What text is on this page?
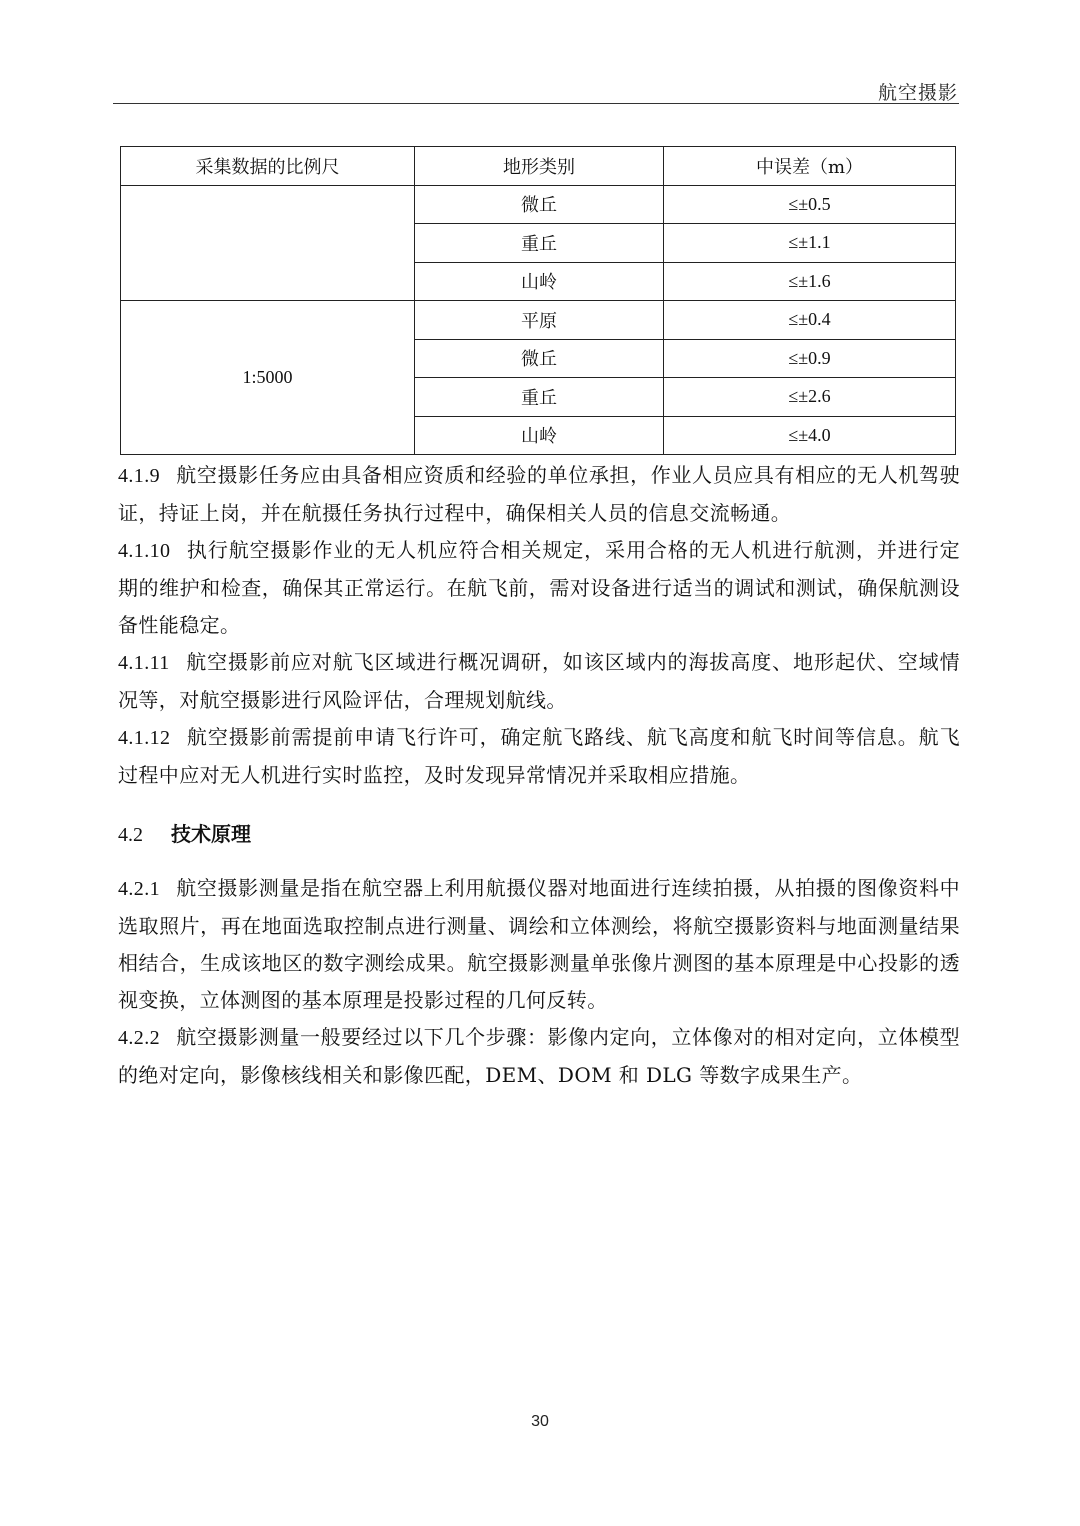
航空摄影
采集数据的比例尺	地形类别	中误差（m）
	微丘	≤±0.5
	重丘	≤±1.1
	山岭	≤±1.6
1:5000	平原	≤±0.4
	微丘	≤±0.9
	重丘	≤±2.6
	山岭	≤±4.0

4.1.9 航空摄影任务应由具备相应资质和经验的单位承担，作业人员应具有相应的无人机驾驶证，持证上岗，并在航摄任务执行过程中，确保相关人员的信息交流畅通。

4.1.10 执行航空摄影作业的无人机应符合相关规定，采用合格的无人机进行航测，并进行定期的维护和检查，确保其正常运行。在航飞前，需对设备进行适当的调试和测试，确保航测设备性能稳定。

4.1.11 航空摄影前应对航飞区域进行概况调研，如该区域内的海拔高度、地形起伏、空域情况等，对航空摄影进行风险评估，合理规划航线。

4.1.12 航空摄影前需提前申请飞行许可，确定航飞路线、航飞高度和航飞时间等信息。航飞过程中应对无人机进行实时监控，及时发现异常情况并采取相应措施。

4.2 技术原理

4.2.1 航空摄影测量是指在航空器上利用航摄仪器对地面进行连续拍摄，从拍摄的图像资料中选取照片，再在地面选取控制点进行测量、调绘和立体测绘，将航空摄影资料与地面测量结果相结合，生成该地区的数字测绘成果。航空摄影测量单张像片测图的基本原理是中心投影的透视变换，立体测图的基本原理是投影过程的几何反转。

4.2.2 航空摄影测量一般要经过以下几个步骤：影像内定向，立体像对的相对定向，立体模型的绝对定向，影像核线相关和影像匹配，DEM、DOM 和 DLG 等数字成果生产。

30
